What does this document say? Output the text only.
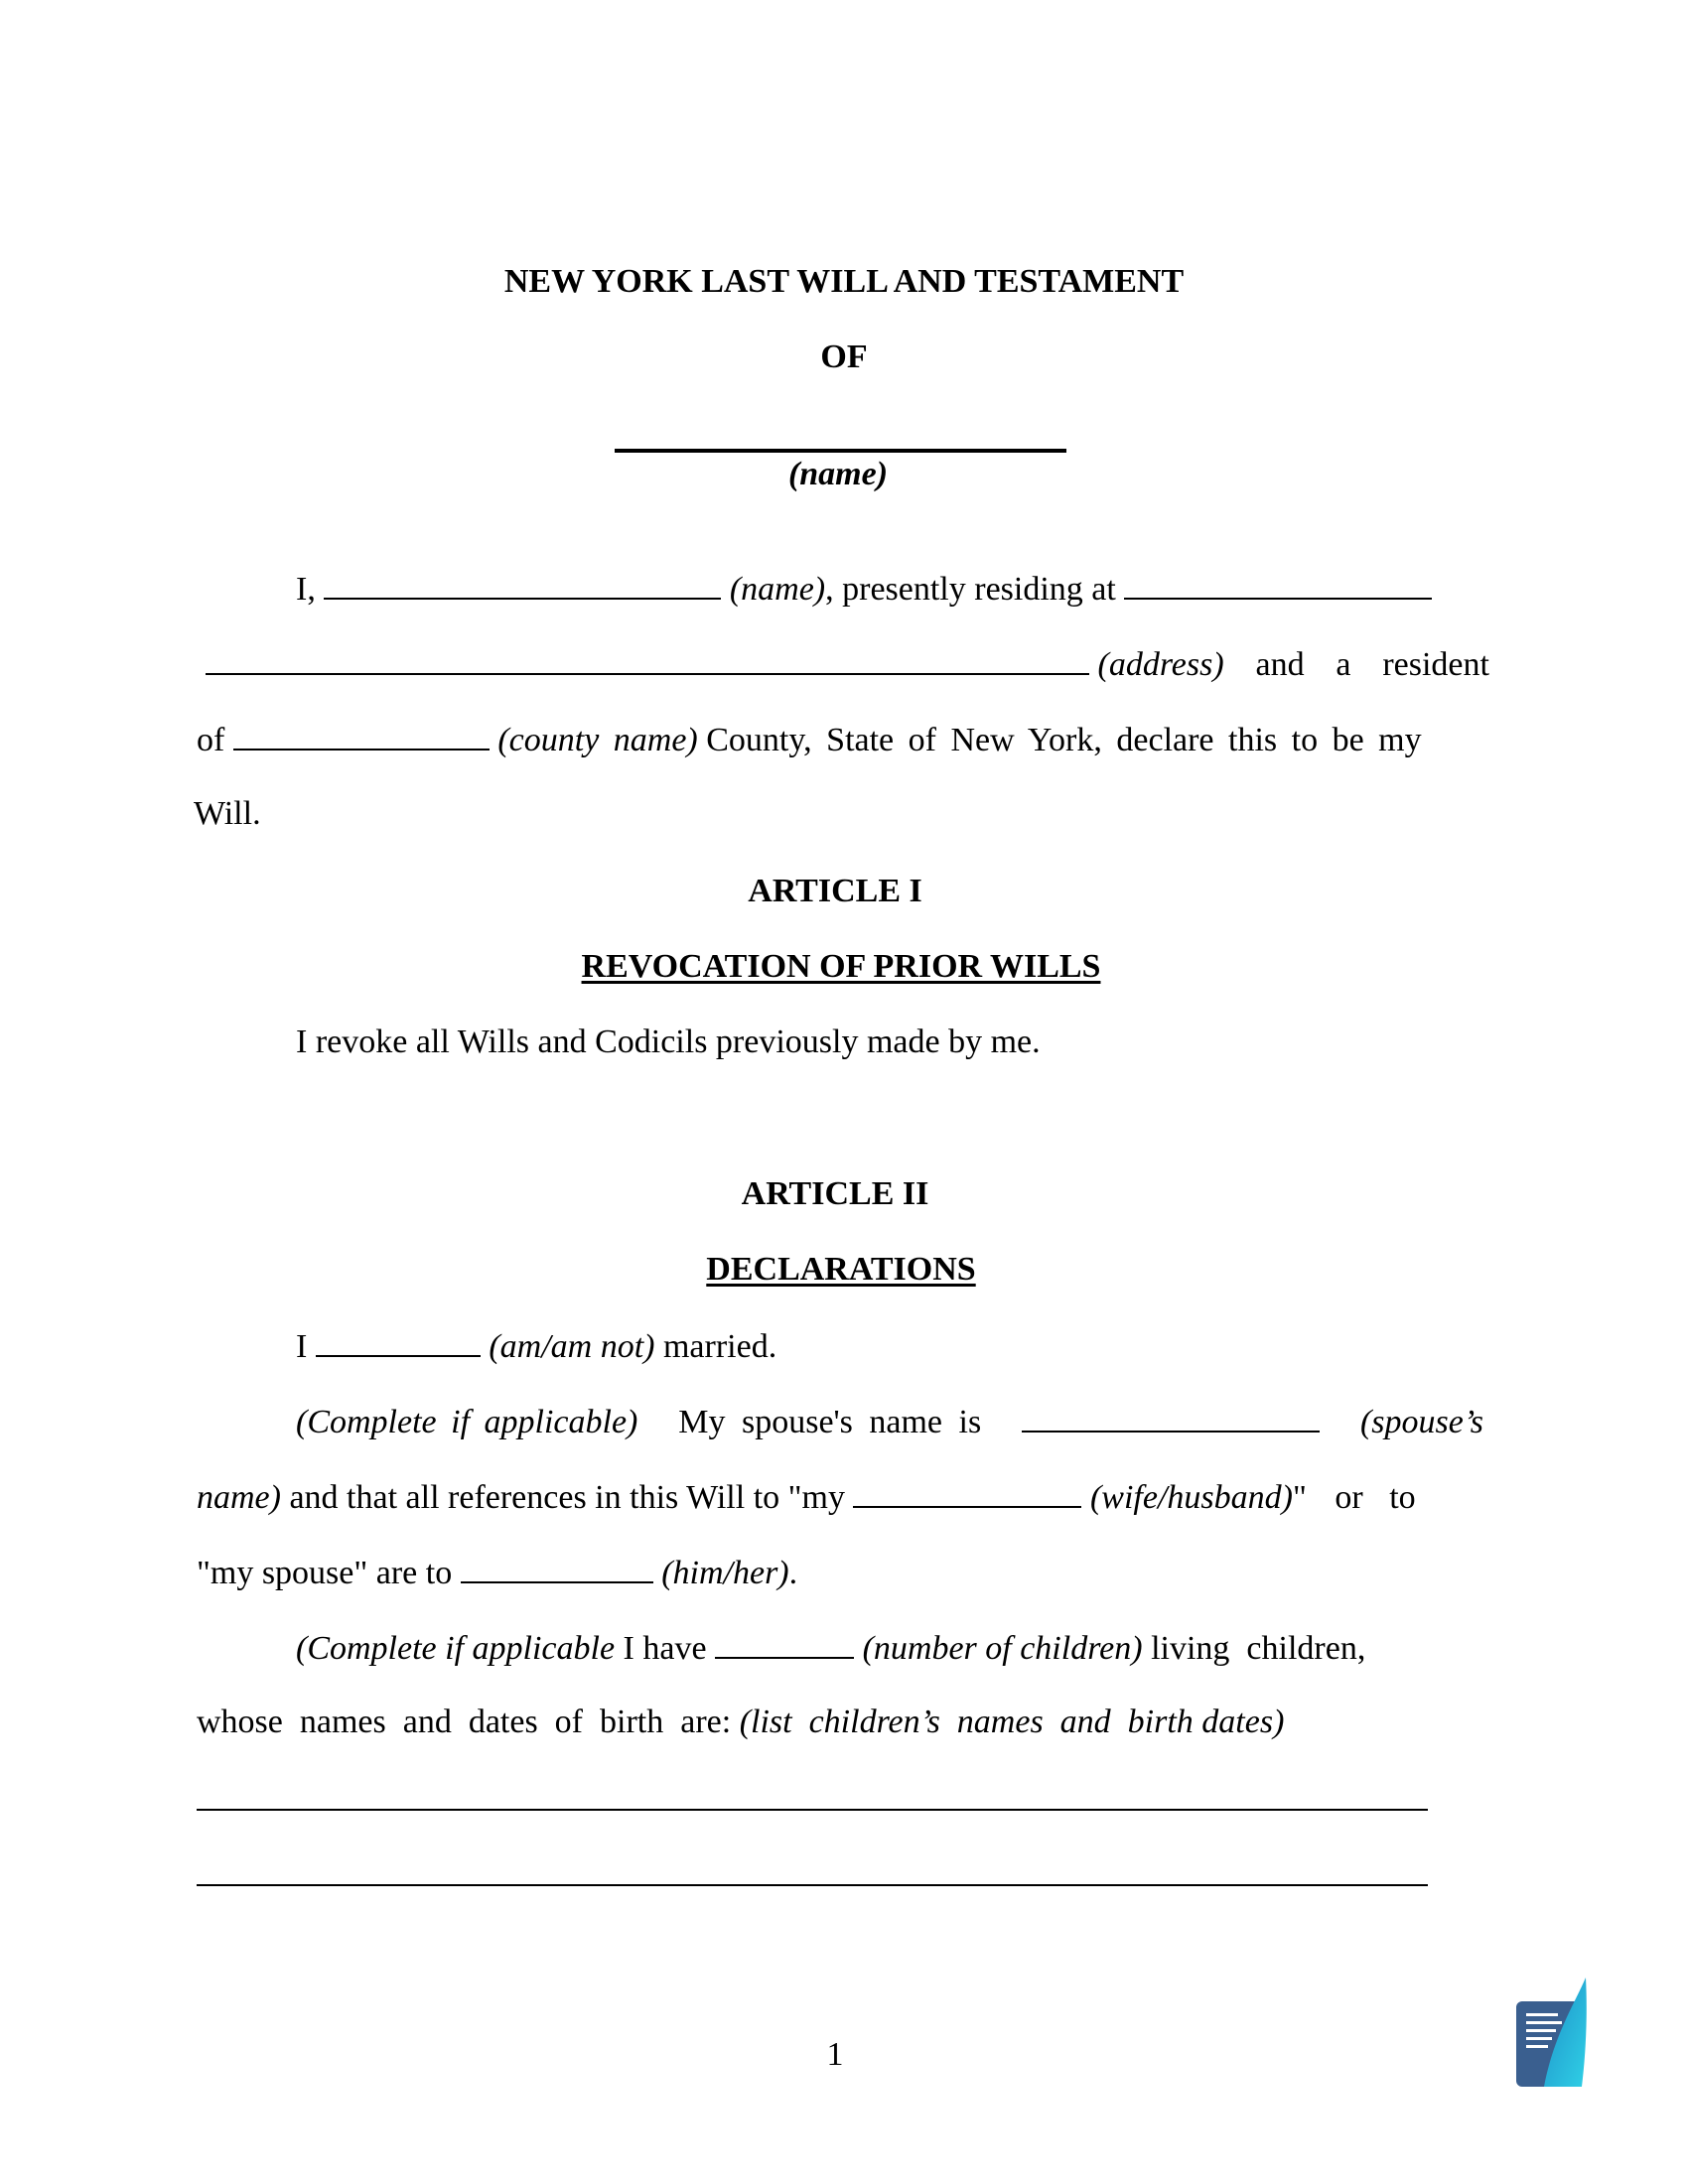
NEW YORK LAST WILL AND TESTAMENT
OF
(name)
I,	(name), presently residing at
(address) and a resident
of	(county name) County, State of New York, declare this to be my
Will.
ARTICLE I
REVOCATION OF PRIOR WILLS
I revoke all Wills and Codicils previously made by me.
ARTICLE II
DECLARATIONS
I	(am/am not) married.
(Complete if applicable) My spouse's name is	(spouse’s
name) and that all references in this Will to "my	(wife/husband)" or to
"my spouse" are to	(him/her).
(Complete if applicable I have	(number of children) living  children,
whose  names  and  dates  of  birth  are: (list  children’s  names  and  birth dates)
1
